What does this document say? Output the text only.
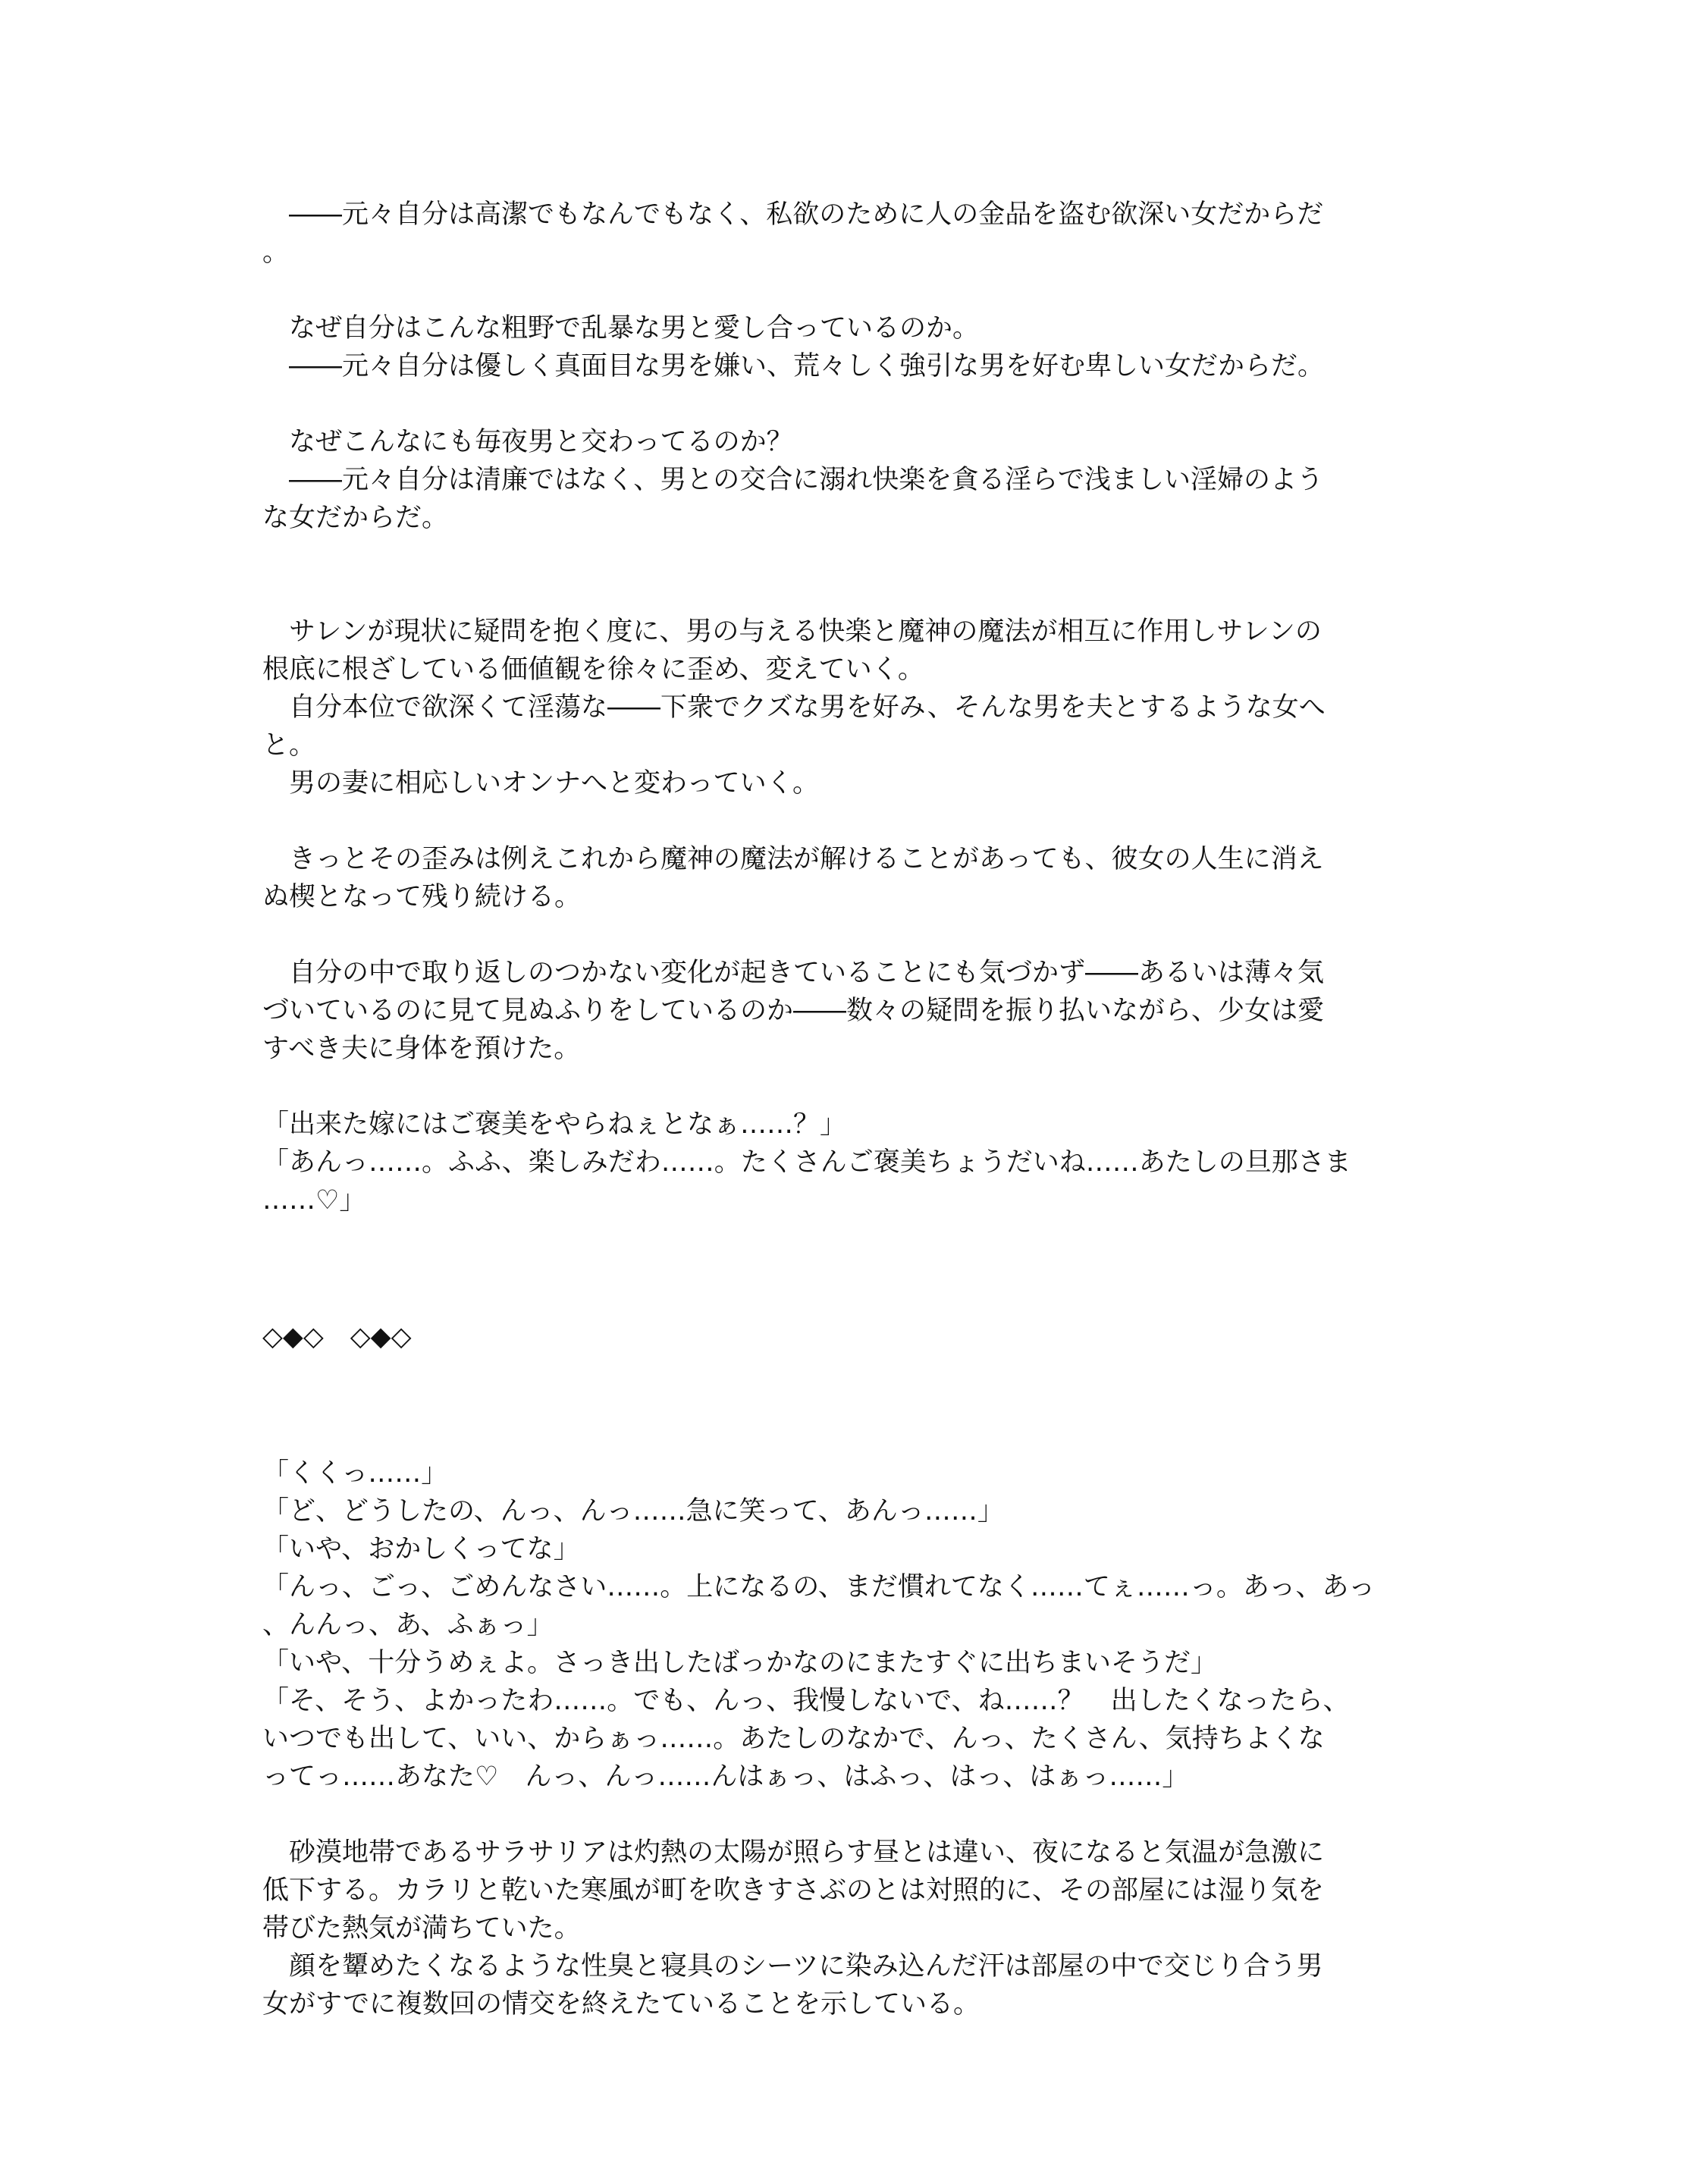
　――元々自分は高潔でもなんでもなく、私欲のために人の金品を盗む欲深い女だからだ
。
　なぜ自分はこんな粗野で乱暴な男と愛し合っているのか。
　――元々自分は優しく真面目な男を嫌い、荒々しく強引な男を好む卑しい女だからだ。
　なぜこんなにも毎夜男と交わってるのか？
　――元々自分は清廉ではなく、男との交合に溺れ快楽を貪る淫らで浅ましい淫婦のよう
な女だからだ。
　サレンが現状に疑問を抱く度に、男の与える快楽と魔神の魔法が相互に作用しサレンの
根底に根ざしている価値観を徐々に歪め、変えていく。
　自分本位で欲深くて淫蕩な――下衆でクズな男を好み、そんな男を夫とするような女へ
と。
　男の妻に相応しいオンナへと変わっていく。
　きっとその歪みは例えこれから魔神の魔法が解けることがあっても、彼女の人生に消え
ぬ楔となって残り続ける。
　自分の中で取り返しのつかない変化が起きていることにも気づかず――あるいは薄々気
づいているのに見て見ぬふりをしているのか――数々の疑問を振り払いながら、少女は愛
すべき夫に身体を預けた。
「出来た嫁にはご褒美をやらねぇとなぁ……？」
「あんっ……。ふふ、楽しみだわ……。たくさんご褒美ちょうだいね……あたしの旦那さま
……♡」
◇◆◇　◇◆◇
「くくっ……」
「ど、どうしたの、んっ、んっ……急に笑って、あんっ……」
「いや、おかしくってな」
「んっ、ごっ、ごめんなさい……。上になるの、まだ慣れてなく……てぇ……っ。あっ、あっ
、んんっ、あ、ふぁっ」
「いや、十分うめぇよ。さっき出したばっかなのにまたすぐに出ちまいそうだ」
「そ、そう、よかったわ……。でも、んっ、我慢しないで、ね……？　出したくなったら、
いつでも出して、いい、からぁっ……。あたしのなかで、んっ、たくさん、気持ちよくな
ってっ……あなた♡　んっ、んっ……んはぁっ、はふっ、はっ、はぁっ……」
　砂漠地帯であるサラサリアは灼熱の太陽が照らす昼とは違い、夜になると気温が急激に
低下する。カラリと乾いた寒風が町を吹きすさぶのとは対照的に、その部屋には湿り気を
帯びた熱気が満ちていた。
　顔を顰めたくなるような性臭と寝具のシーツに染み込んだ汗は部屋の中で交じり合う男
女がすでに複数回の情交を終えたていることを示している。
